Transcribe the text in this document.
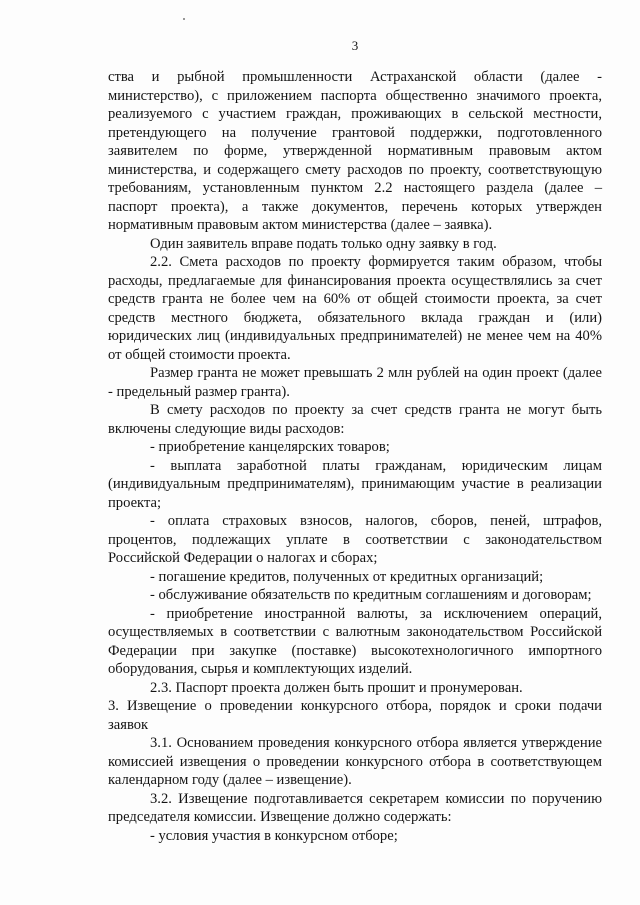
3

ства и рыбной промышленности Астраханской области (далее - министерство), с приложением паспорта общественно значимого проекта, реализуемого с участием граждан, проживающих в сельской местности, претендующего на получение грантовой поддержки, подготовленного заявителем по форме, утвержденной нормативным правовым актом министерства, и содержащего смету расходов по проекту, соответствующую требованиям, установленным пунктом 2.2 настоящего раздела (далее – паспорт проекта), а также документов, перечень которых утвержден нормативным правовым актом министерства (далее – заявка).

Один заявитель вправе подать только одну заявку в год.

2.2. Смета расходов по проекту формируется таким образом, чтобы расходы, предлагаемые для финансирования проекта осуществлялись за счет средств гранта не более чем на 60% от общей стоимости проекта, за счет средств местного бюджета, обязательного вклада граждан и (или) юридических лиц (индивидуальных предпринимателей) не менее чем на 40% от общей стоимости проекта.

Размер гранта не может превышать 2 млн рублей на один проект (далее - предельный размер гранта).

В смету расходов по проекту за счет средств гранта не могут быть включены следующие виды расходов:

- приобретение канцелярских товаров;

- выплата заработной платы гражданам, юридическим лицам (индивидуальным предпринимателям), принимающим участие в реализации проекта;

- оплата страховых взносов, налогов, сборов, пеней, штрафов, процентов, подлежащих уплате в соответствии с законодательством Российской Федерации о налогах и сборах;

- погашение кредитов, полученных от кредитных организаций;

- обслуживание обязательств по кредитным соглашениям и договорам;

- приобретение иностранной валюты, за исключением операций, осуществляемых в соответствии с валютным законодательством Российской Федерации при закупке (поставке) высокотехнологичного импортного оборудования, сырья и комплектующих изделий.

2.3. Паспорт проекта должен быть прошит и пронумерован.

3. Извещение о проведении конкурсного отбора, порядок и сроки подачи заявок

3.1. Основанием проведения конкурсного отбора является утверждение комиссией извещения о проведении конкурсного отбора в соответствующем календарном году (далее – извещение).

3.2. Извещение подготавливается секретарем комиссии по поручению председателя комиссии. Извещение должно содержать:

- условия участия в конкурсном отборе;
